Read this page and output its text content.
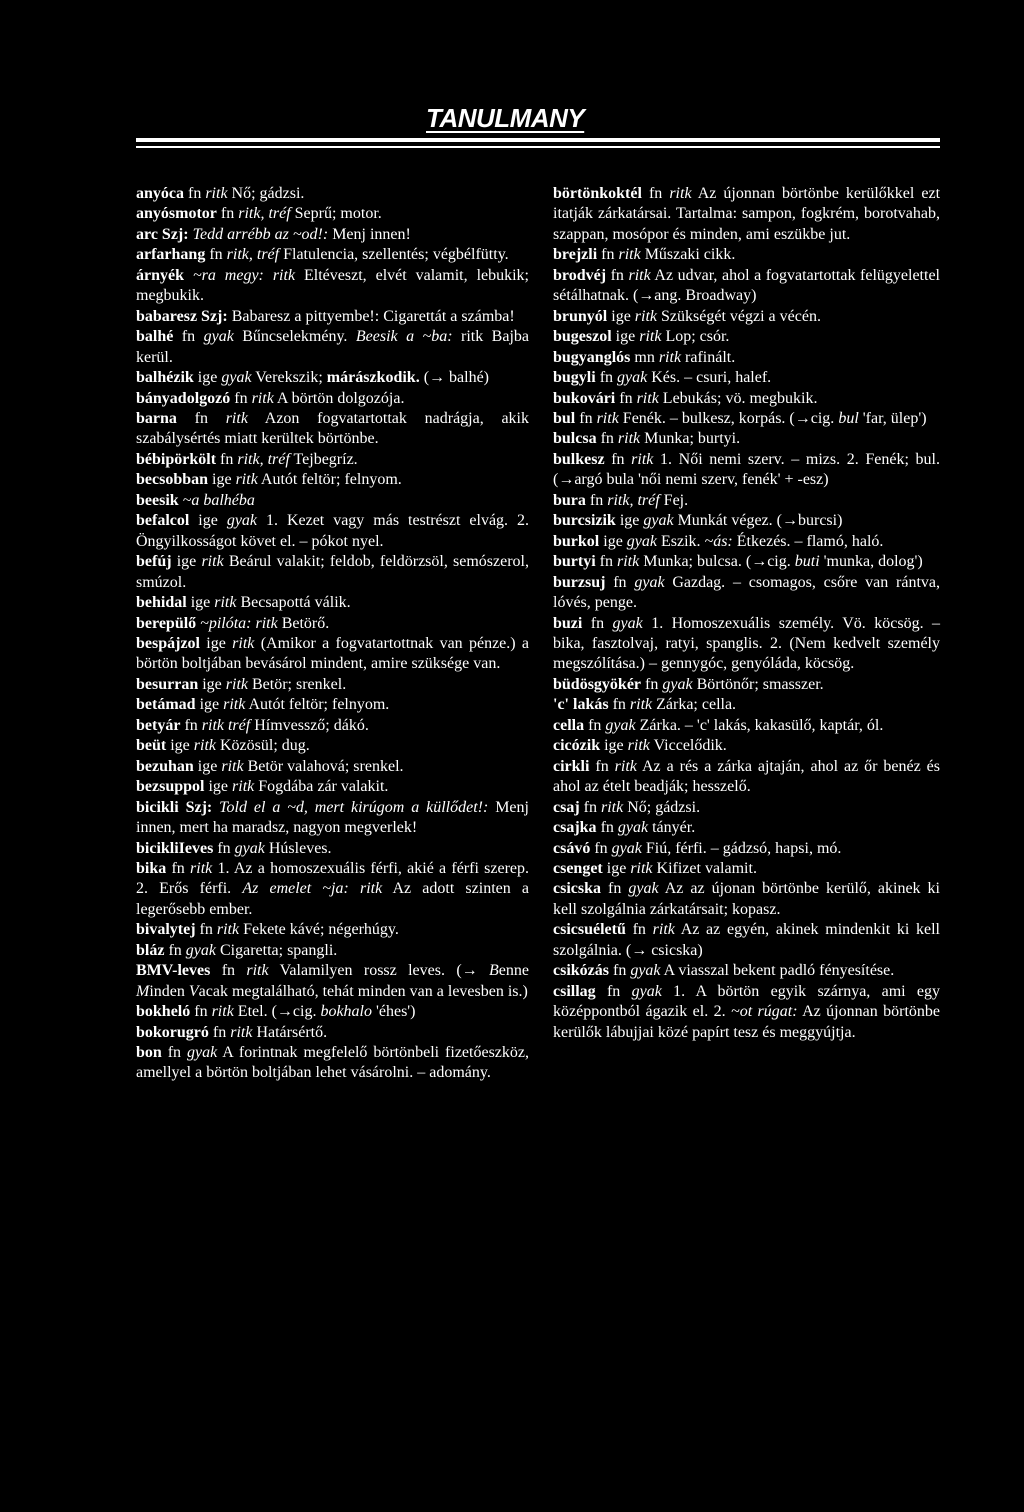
TANULMANY

anyóca fn ritk Nő; gádzsi.

anyósmotor fn ritk, tréf Seprű; motor.

arc Szj: Tedd arrébb az ~od!: Menj innen!

arfarhang fn ritk, tréf Flatulencia, szellentés; végbélfütty.

árnyék ~ra megy: ritk Eltéveszt, elvét valamit, lebukik; megbukik.

babaresz Szj: Babaresz a pittyembe!: Cigarettát a számba!

balhé fn gyak Bűncselekmény. Beesik a ~ba: ritk Bajba kerül.

balhézik ige gyak Verekszik; márászkodik. (→ balhé)

bányadolgozó fn ritk A börtön dolgozója.

barna fn ritk Azon fogvatartottak nadrágja, akik szabálysértés miatt kerültek börtönbe.

bébipörkölt fn ritk, tréf Tejbegríz.

becsobban ige ritk Autót feltör; felnyom.

beesik ~a balhéba

befalcol ige gyak 1. Kezet vagy más testrészt elvág. 2. Öngyilkosságot követ el. – pókot nyel.

befúj ige ritk Beárul valakit; feldob, feldörzsöl, semószerol, smúzol.

behidal ige ritk Becsapottá válik.

berepülő ~pilóta: ritk Betörő.

bespájzol ige ritk (Amikor a fogvatartottnak van pénze.) a börtön boltjában bevásárol mindent, amire szüksége van.

besurran ige ritk Betör; srenkel.

betámad ige ritk Autót feltör; felnyom.

betyár fn ritk tréf Hímvessző; dákó.

beüt ige ritk Közösül; dug.

bezuhan ige ritk Betör valahová; srenkel.

bezsuppol ige ritk Fogdába zár valakit.

bicikli Szj: Told el a ~d, mert kirúgom a küllődet!: Menj innen, mert ha maradsz, nagyon megverlek!

bicikliIeves fn gyak Húsleves.

bika fn ritk 1. Az a homoszexuális férfi, akié a férfi szerep. 2. Erős férfi. Az emelet ~ja: ritk Az adott szinten a legerősebb ember.

bivalytej fn ritk Fekete kávé; négerhúgy.

bláz fn gyak Cigaretta; spangli.

BMV-leves fn ritk Valamilyen rossz leves. (→ Benne Minden Vacak megtalálható, tehát minden van a levesben is.)

bokheló fn ritk Etel. (→cig. bokhalo 'éhes')

bokorugró fn ritk Határsértő.

bon fn gyak A forintnak megfelelő börtönbeli fizetőeszköz, amellyel a börtön boltjában lehet vásárolni. – adomány.

börtönkoktél fn ritk Az újonnan börtönbe kerülőkkel ezt itatják zárkatársai. Tartalma: sampon, fogkrém, borotvahab, szappan, mosópor és minden, ami eszükbe jut.

brejzli fn ritk Műszaki cikk.

brodvéj fn ritk Az udvar, ahol a fogvatartottak felügyelettel sétálhatnak. (→ang. Broadway)

brunyól ige ritk Szükségét végzi a vécén.

bugeszol ige ritk Lop; csór.

bugyanglós mn ritk rafinált.

bugyli fn gyak Kés. – csuri, halef.

bukovári fn ritk Lebukás; vö. megbukik.

bul fn ritk Fenék. – bulkesz, korpás. (→cig. bul 'far, ülep')

bulcsa fn ritk Munka; burtyi.

bulkesz fn ritk 1. Női nemi szerv. – mizs. 2. Fenék; bul. (→argó bula 'női nemi szerv, fenék' + -esz)

bura fn ritk, tréf Fej.

burcsizik ige gyak Munkát végez. (→burcsi)

burkol ige gyak Eszik. ~ás: Étkezés. – flamó, haló.

burtyi fn ritk Munka; bulcsa. (→cig. buti 'munka, dolog')

burzsuj fn gyak Gazdag. – csomagos, csőre van rántva, lóvés, penge.

buzi fn gyak 1. Homoszexuális személy. Vö. köcsög. – bika, fasztolvaj, ratyi, spanglis. 2. (Nem kedvelt személy megszólítása.) – gennygóc, genyóláda, köcsög.

büdösgyökér fn gyak Börtönőr; smasszer.

'c' lakás fn ritk Zárka; cella.

cella fn gyak Zárka. – 'c' lakás, kakasülő, kaptár, ól.

cicózik ige ritk Viccelődik.

cirkli fn ritk Az a rés a zárka ajtaján, ahol az őr benéz és ahol az ételt beadják; hesszelő.

csaj fn ritk Nő; gádzsi.

csajka fn gyak tányér.

csávó fn gyak Fiú, férfi. – gádzsó, hapsi, mó.

csenget ige ritk Kifizet valamit.

csicska fn gyak Az az újonan börtönbe kerülő, akinek ki kell szolgálnia zárkatársait; kopasz.

csicsuéletű fn ritk Az az egyén, akinek mindenkit ki kell szolgálnia. (→ csicska)

csikózás fn gyak A viasszal bekent padló fényesítése.

csillag fn gyak 1. A börtön egyik szárnya, ami egy középpontból ágazik el. 2. ~ot rúgat: Az újonnan börtönbe kerülők lábujjai közé papírt tesz és meggyújtja.
